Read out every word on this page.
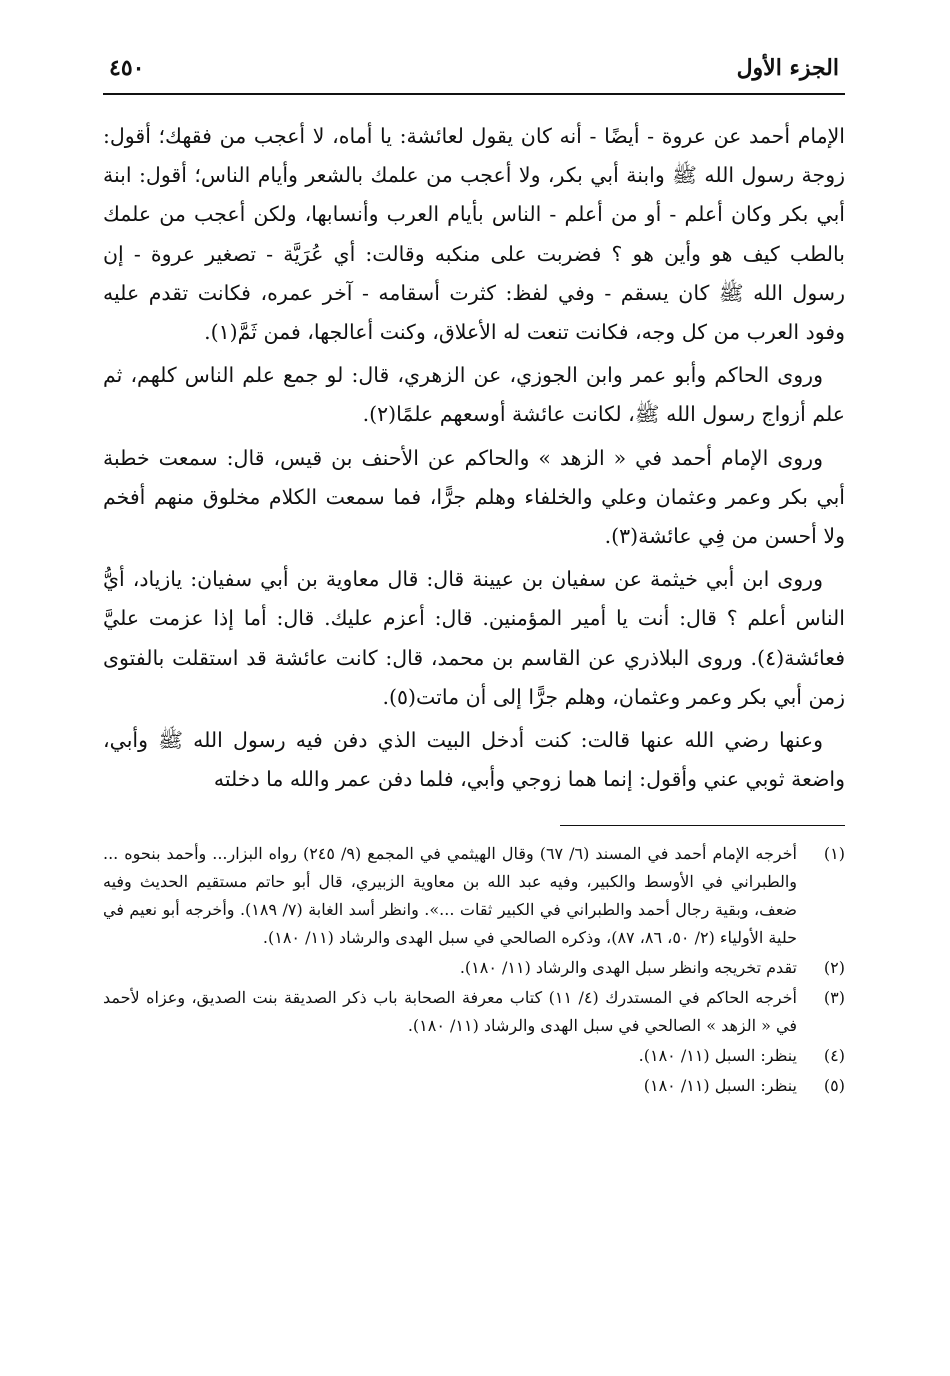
الجزء الأول
٤٥٠

الإمام أحمد عن عروة - أيضًا - أنه كان يقول لعائشة: يا أماه، لا أعجب من فقهك؛ أقول: زوجة رسول الله ﷺ وابنة أبي بكر، ولا أعجب من علمك بالشعر وأيام الناس؛ أقول: ابنة أبي بكر وكان أعلم - أو من أعلم - الناس بأيام العرب وأنسابها، ولكن أعجب من علمك بالطب كيف هو وأين هو ؟ فضربت على منكبه وقالت: أي عُرَيَّة - تصغير عروة - إن رسول الله ﷺ كان يسقم - وفي لفظ: كثرت أسقامه - آخر عمره، فكانت تقدم عليه وفود العرب من كل وجه، فكانت تنعت له الأعلاق، وكنت أعالجها، فمن ثَمَّ(١).

وروى الحاكم وأبو عمر وابن الجوزي، عن الزهري، قال: لو جمع علم الناس كلهم، ثم علم أزواج رسول الله ﷺ، لكانت عائشة أوسعهم علمًا(٢).

وروى الإمام أحمد في « الزهد » والحاكم عن الأحنف بن قيس، قال: سمعت خطبة أبي بكر وعمر وعثمان وعلي والخلفاء وهلم جرًّا، فما سمعت الكلام مخلوق منهم أفخم ولا أحسن من فِي عائشة(٣).

وروى ابن أبي خيثمة عن سفيان بن عيينة قال: قال معاوية بن أبي سفيان: يازياد، أيُّ الناس أعلم ؟ قال: أنت يا أمير المؤمنين. قال: أعزم عليك. قال: أما إذا عزمت عليَّ فعائشة(٤). وروى البلاذري عن القاسم بن محمد، قال: كانت عائشة قد استقلت بالفتوى زمن أبي بكر وعمر وعثمان، وهلم جرًّا إلى أن ماتت(٥).

وعنها رضي الله عنها قالت: كنت أدخل البيت الذي دفن فيه رسول الله ﷺ وأبي، واضعة ثوبي عني وأقول: إنما هما زوجي وأبي، فلما دفن عمر والله ما دخلته

(١)
أخرجه الإمام أحمد في المسند (٦/ ٦٧) وقال الهيثمي في المجمع (٩/ ٢٤٥) رواه البزار... وأحمد بنحوه ... والطبراني في الأوسط والكبير، وفيه عبد الله بن معاوية الزبيري، قال أبو حاتم مستقيم الحديث وفيه ضعف، وبقية رجال أحمد والطبراني في الكبير ثقات ...». وانظر أسد الغابة (٧/ ١٨٩). وأخرجه أبو نعيم في حلية الأولياء (٢/ ٥٠، ٨٦، ٨٧)، وذكره الصالحي في سبل الهدى والرشاد (١١/ ١٨٠).
(٢)
تقدم تخريجه وانظر سبل الهدى والرشاد (١١/ ١٨٠).
(٣)
أخرجه الحاكم في المستدرك (٤/ ١١) كتاب معرفة الصحابة باب ذكر الصديقة بنت الصديق، وعزاه لأحمد في « الزهد » الصالحي في سبل الهدى والرشاد (١١/ ١٨٠).
(٤)
ينظر: السبل (١١/ ١٨٠).
(٥)
ينظر: السبل (١١/ ١٨٠)
